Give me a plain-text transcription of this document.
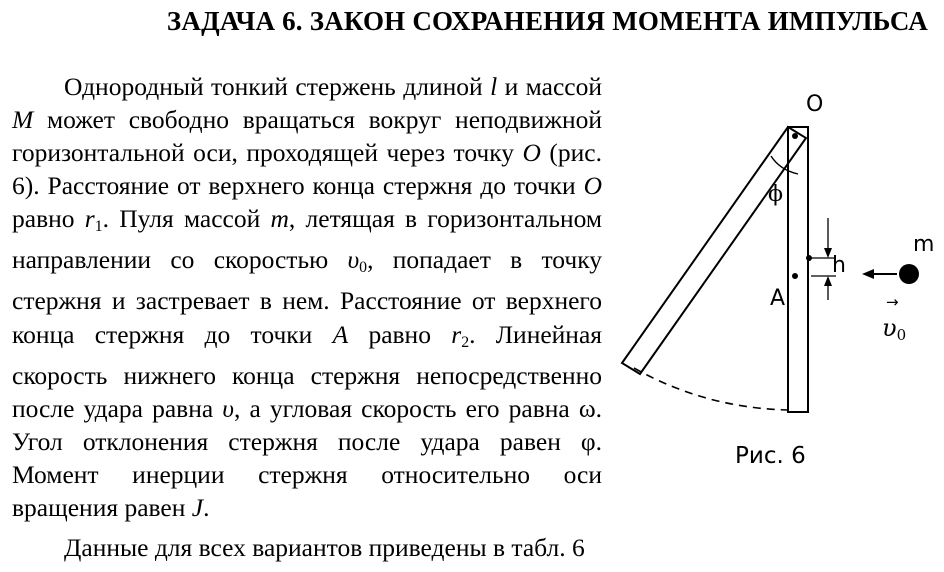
ЗАДАЧА 6. ЗАКОН СОХРАНЕНИЯ МОМЕНТА ИМПУЛЬСА

Однородный тонкий стержень длиной l и массой M может свободно вращаться вокруг неподвижной горизонтальной оси, проходящей через точку O (рис. 6). Расстояние от верхнего конца стержня до точки O равно $r_1$. Пуля массой m, летящая в горизонтальном направлении со скоростью $\upsilon_0$, попадает в точку стержня и застревает в нем. Расстояние от верхнего конца стержня до точки A равно $r_2$. Линейная скорость нижнего конца стержня непосредственно после удара равна υ, а угловая скорость его равна ω. Угол отклонения стержня после удара равен φ. Момент инерции стержня относительно оси вращения равен J.

Данные для всех вариантов приведены в табл. 6
O
ϕ
h
m
A	→
$\upsilon_0$
Рис. 6
